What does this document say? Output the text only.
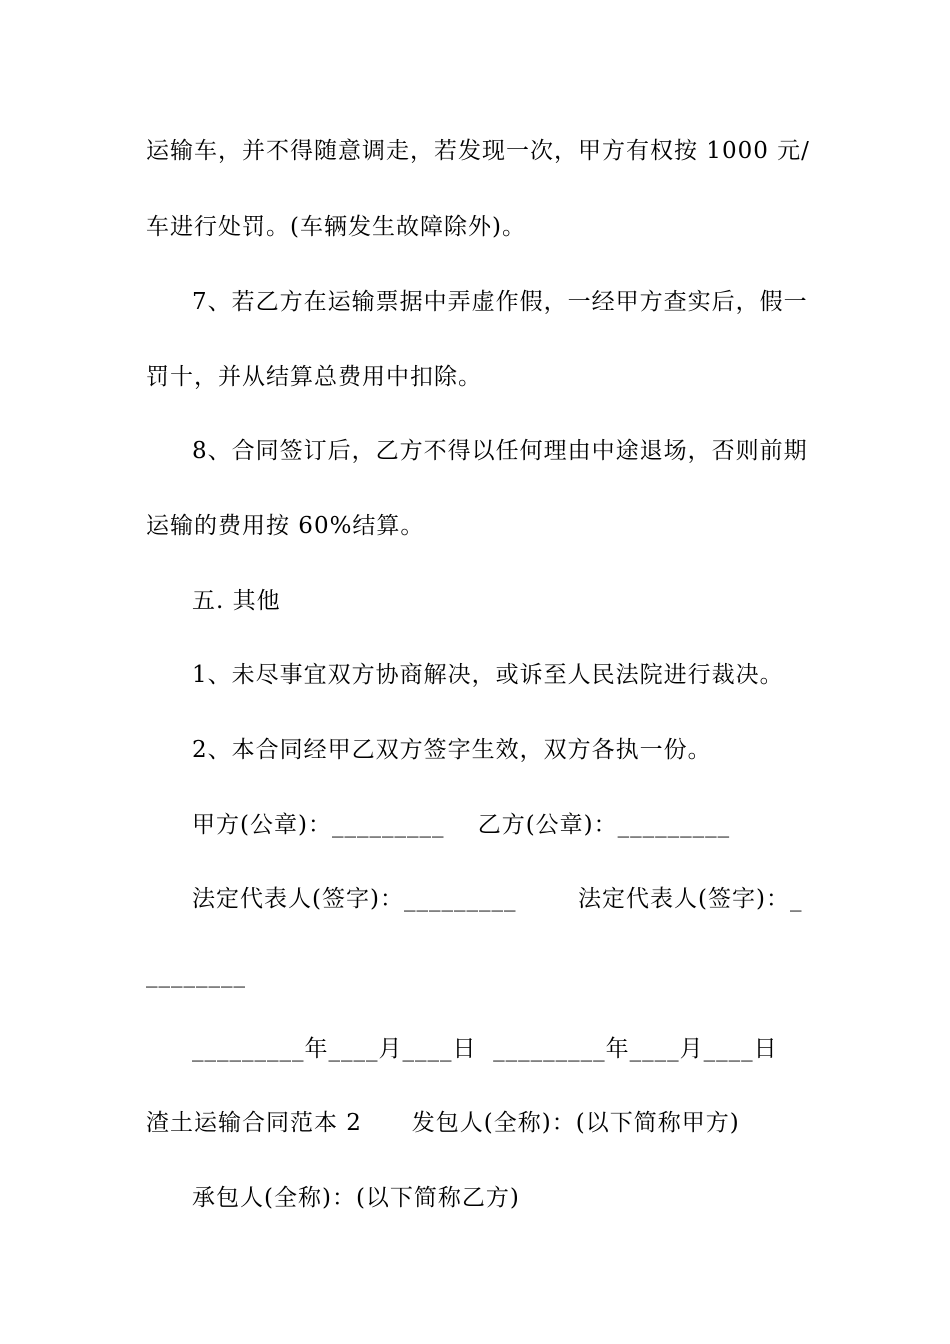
运输车，并不得随意调走，若发现一次，甲方有权按 1000 元/
车进行处罚。(车辆发生故障除外)。
7、若乙方在运输票据中弄虚作假，一经甲方查实后，假一
罚十，并从结算总费用中扣除。
8、合同签订后，乙方不得以任何理由中途退场，否则前期
运输的费用按 60%结算。
五. 其他
1、未尽事宜双方协商解决，或诉至人民法院进行裁决。
2、本合同经甲乙双方签字生效，双方各执一份。
甲方(公章)：_________    乙方(公章)：_________
法定代表人(签字)：_________	法定代表人(签字)：_
________
_________年____月____日  _________年____月____日
渣土运输合同范本 2      发包人(全称)：(以下简称甲方)
承包人(全称)：(以下简称乙方)
